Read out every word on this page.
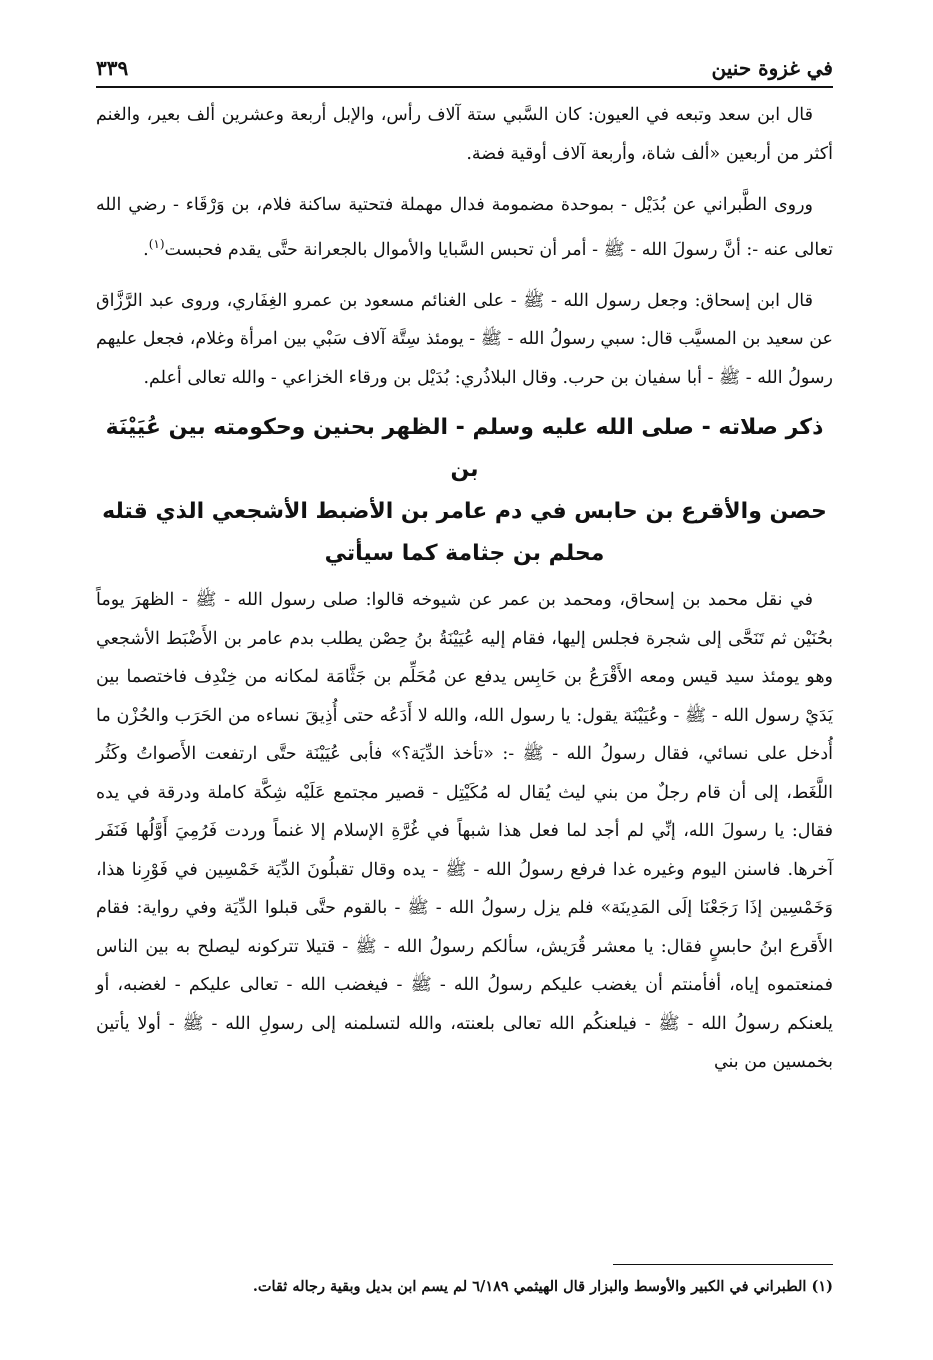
في غزوة حنين
٣٣٩

قال ابن سعد وتبعه في العيون: كان السَّبي ستة آلاف رأس، والإبل أربعة وعشرين ألف بعير، والغنم أكثر من أربعين «ألف شاة، وأربعة آلاف أوقية فضة.

وروى الطَّبراني عن بُدَيْل - بموحدة مضمومة فدال مهملة فتحتية ساكنة فلام، بن وَرْقَاء - رضي الله تعالى عنه -: أنَّ رسولَ الله - ﷺ - أمر أن تحبس السَّبايا والأموال بالجعرانة حتَّى يقدم فحبست$^{(١)}$.

قال ابن إسحاق: وجعل رسول الله - ﷺ - على الغنائم مسعود بن عمرو الغِفَاري، وروى عبد الرَّزَّاق عن سعيد بن المسيَّب قال: سبي رسولُ الله - ﷺ - يومئذ سِتَّة آلاف سَبْي بين امرأة وغلام، فجعل عليهم رسولُ الله - ﷺ - أبا سفيان بن حرب. وقال البلاذُري: بُدَيْل بن ورقاء الخزاعي - والله تعالى أعلم.

ذكر صلاته - صلى الله عليه وسلم - الظهر بحنين وحكومته بين عُيَيْنَة بن
حصن والأقرع بن حابس في دم عامر بن الأضبط الأشجعي الذي قتله
محلم بن جثامة كما سيأتي

في نقل محمد بن إسحاق، ومحمد بن عمر عن شيوخه قالوا: صلى رسول الله - ﷺ - الظهرَ يوماً بحُنَيْن ثم تَنَحَّى إلى شجرة فجلس إليها، فقام إليه عُيَيْنَةُ بنُ حِصْن يطلب بدم عامر بن الأَضْبَط الأشجعي وهو يومئذ سيد قيس ومعه الأَقْرَعُ بن حَابِس يدفع عن مُحَلِّم بن جَثَّامَة لمكانه من خِنْدِف فاختصما بين يَدَيْ رسول الله - ﷺ - وعُيَيْنَة يقول: يا رسول الله، والله لا أَدَعُه حتى أُذِيقَ نساءه من الحَرَب والحُزْن ما أُدخل على نسائي، فقال رسولُ الله - ﷺ -: «تأخذ الدِّيَة؟» فأبى عُيَيْنَة حتَّى ارتفعت الأَصواتُ وكَثُر اللَّغَط، إلى أن قام رجلٌ من بني ليث يُقال له مُكَيْتِل - قصير مجتمع عَلَيْه شِكَّة كاملة ودرقة في يده فقال: يا رسولَ الله، إنِّي لم أجد لما فعل هذا شبهاً في غُرَّةِ الإسلام إلا غنماً وردت فَرُمِيَ أَوَّلُها فَنَفَر آخرها. فاسنن اليوم وغيره غدا فرفع رسولُ الله - ﷺ - يده وقال تقبلُونَ الدِّيَة خَمْسِين في فَوْرِنا هذا، وَخَمْسِين إذَا رَجَعْنَا إلَى المَدِينَة» فلم يزل رسولُ الله - ﷺ - بالقوم حتَّى قبلوا الدِّيَة وفي رواية: فقام الأَقرع ابنُ حابسٍ فقال: يا معشر قُرَيش، سألكم رسولُ الله - ﷺ - قتيلا تتركونه ليصلح به بين الناس فمنعتموه إياه، أفأمنتم أن يغضب عليكم رسولُ الله - ﷺ - فيغضب الله - تعالى عليكم - لغضبه، أو يلعنكم رسولُ الله - ﷺ - فيلعنكُم الله تعالى بلعنته، والله لتسلمنه إلى رسولِ الله - ﷺ - أولا يأتين بخمسين من بني

(١) الطبراني في الكبير والأوسط والبزار قال الهيثمي ٦/١٨٩ لم يسم ابن بديل وبقية رجاله ثقات.
